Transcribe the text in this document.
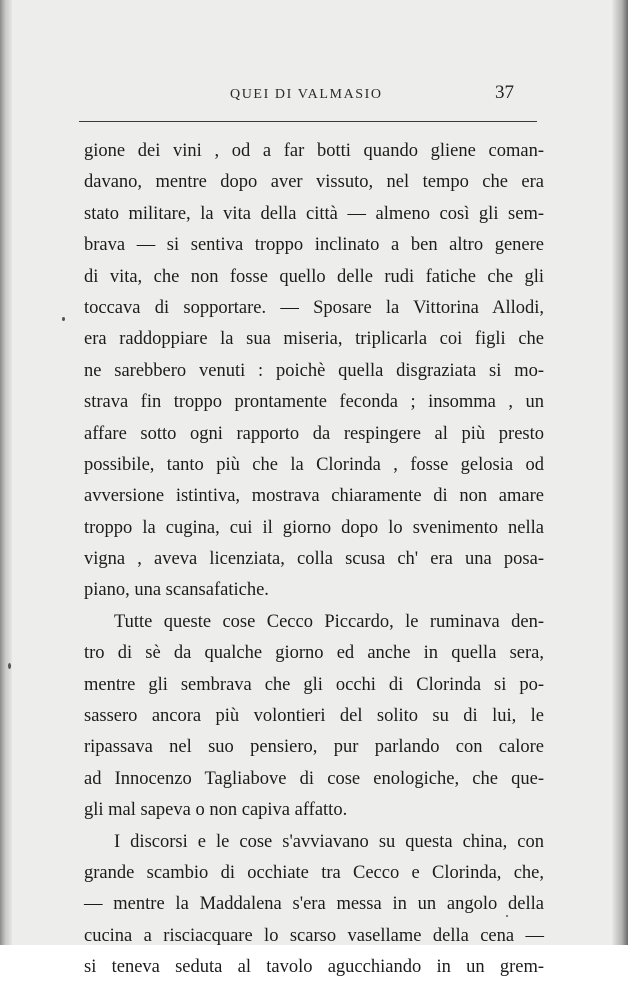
QUEI DI VALMASIO	37
gione dei vini , od a far botti quando gliene coman-
davano, mentre dopo aver vissuto, nel tempo che era
stato militare, la vita della città — almeno così gli sem-
brava — si sentiva troppo inclinato a ben altro genere
di vita, che non fosse quello delle rudi fatiche che gli
toccava di sopportare. — Sposare la Vittorina Allodi,
era raddoppiare la sua miseria, triplicarla coi figli che
ne sarebbero venuti : poichè quella disgraziata si mo-
strava fin troppo prontamente feconda ; insomma , un
affare sotto ogni rapporto da respingere al più presto
possibile, tanto più che la Clorinda , fosse gelosia od
avversione istintiva, mostrava chiaramente di non amare
troppo la cugina, cui il giorno dopo lo svenimento nella
vigna , aveva licenziata, colla scusa ch' era una posa-
piano, una scansafatiche.
Tutte queste cose Cecco Piccardo, le ruminava den-
tro di sè da qualche giorno ed anche in quella sera,
mentre gli sembrava che gli occhi di Clorinda si po-
sassero ancora più volontieri del solito su di lui, le
ripassava nel suo pensiero, pur parlando con calore
ad Innocenzo Tagliabove di cose enologiche, che que-
gli mal sapeva o non capiva affatto.
I discorsi e le cose s'avviavano su questa china, con
grande scambio di occhiate tra Cecco e Clorinda, che,
— mentre la Maddalena s'era messa in un angolo della
cucina a risciacquare lo scarso vasellame della cena —
si teneva seduta al tavolo agucchiando in un grem-
